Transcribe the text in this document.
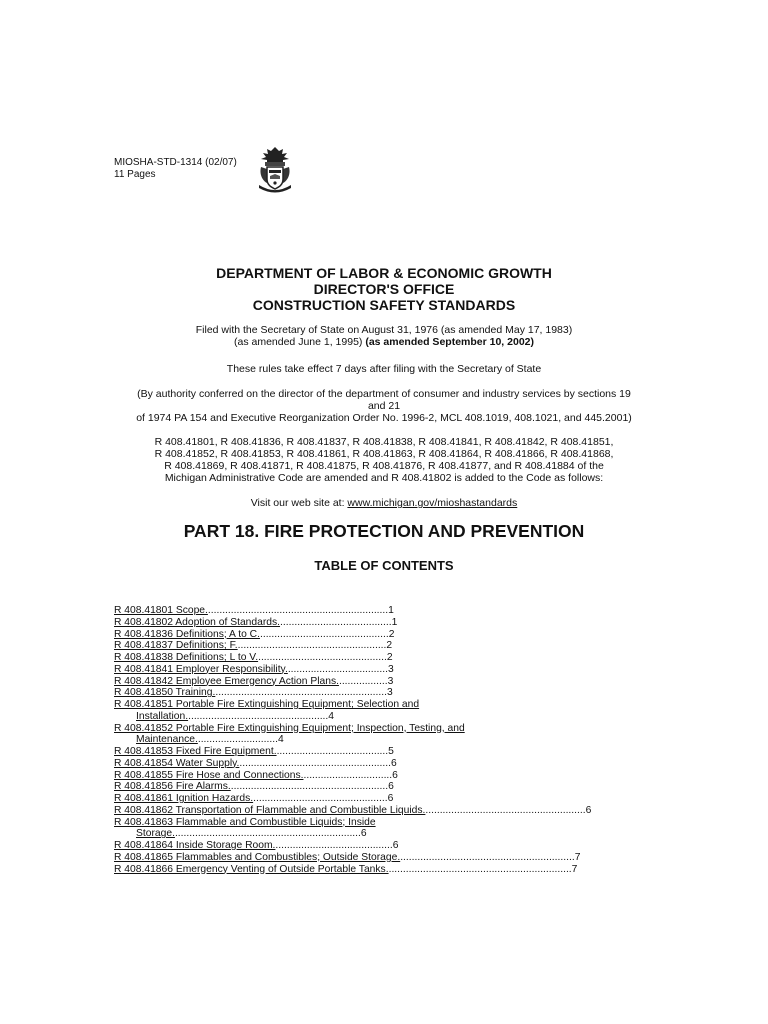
MIOSHA-STD-1314 (02/07)
11 Pages
.
DEPARTMENT OF LABOR & ECONOMIC GROWTH
DIRECTOR'S OFFICE
CONSTRUCTION SAFETY STANDARDS
Filed with the Secretary of State on August 31, 1976 (as amended May 17, 1983)
(as amended June 1, 1995) (as amended September 10, 2002)
These rules take effect 7 days after filing with the Secretary of State
(By authority conferred on the director of the department of consumer and industry services by sections 19
and 21
of 1974 PA 154 and Executive Reorganization Order No. 1996-2, MCL 408.1019, 408.1021, and 445.2001)
R 408.41801, R 408.41836, R 408.41837, R 408.41838, R 408.41841, R 408.41842, R 408.41851,
R 408.41852, R 408.41853, R 408.41861, R 408.41863, R 408.41864, R 408.41866, R 408.41868,
R 408.41869, R 408.41871, R 408.41875, R 408.41876, R 408.41877, and R 408.41884 of the
Michigan Administrative Code are amended and R 408.41802 is added to the Code as follows:
Visit our web site at: www.michigan.gov/mioshastandards
PART 18. FIRE PROTECTION AND PREVENTION
TABLE OF CONTENTS
R 408.41801 Scope................................................................1
R 408.41802 Adoption of Standards........................................1
R 408.41836 Definitions; A to C..............................................2
R 408.41837 Definitions; F.....................................................2
R 408.41838 Definitions; L to V..............................................2
R 408.41841 Employer Responsibility....................................3
R 408.41842 Employee Emergency Action Plans..................3
R 408.41850 Training.............................................................3
R 408.41851 Portable Fire Extinguishing Equipment; Selection and
Installation..................................................4
R 408.41852 Portable Fire Extinguishing Equipment; Inspection, Testing, and
Maintenance.............................4
R 408.41853 Fixed Fire Equipment........................................5
R 408.41854 Water Supply......................................................6
R 408.41855 Fire Hose and Connections................................6
R 408.41856 Fire Alarms........................................................6
R 408.41861 Ignition Hazards................................................6
R 408.41862 Transportation of Flammable and Combustible Liquids.........................................................6
R 408.41863 Flammable and Combustible Liquids; Inside
Storage..................................................................6
R 408.41864 Inside Storage Room..........................................6
R 408.41865 Flammables and Combustibles; Outside Storage..............................................................7
R 408.41866 Emergency Venting of Outside Portable Tanks.................................................................7
